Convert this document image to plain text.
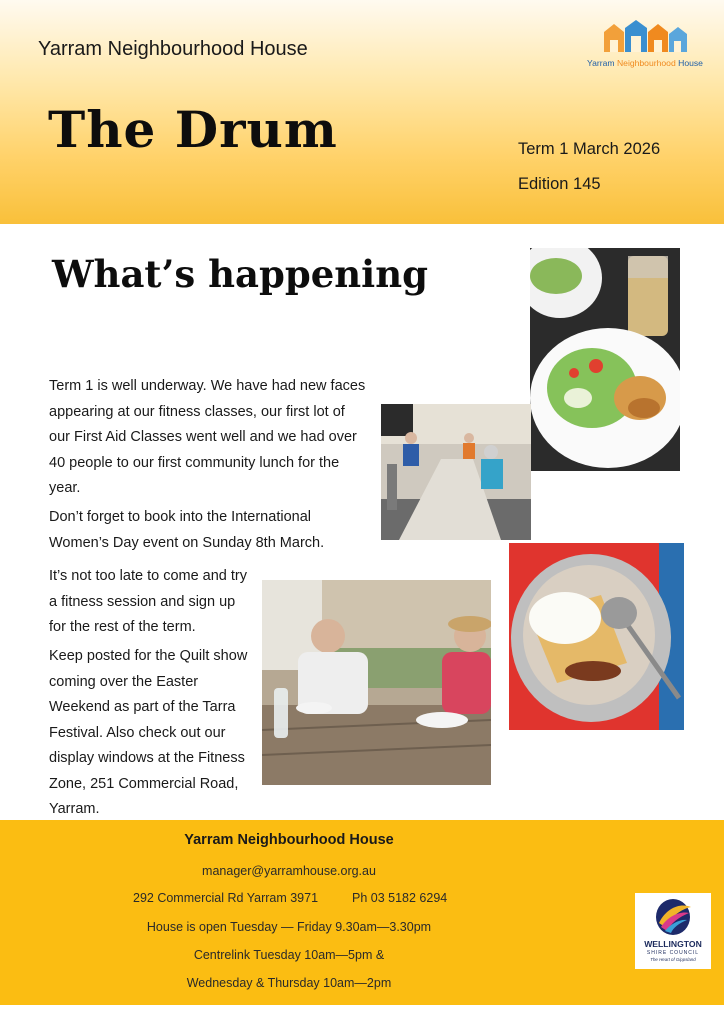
Yarram Neighbourhood House
Yarram Neighbourhood House
The Drum	Term 1 March 2026
Edition 145
What’s happening

Term 1 is well underway. We have had new faces appearing at our fitness classes, our first lot of our First Aid Classes went well and we had over 40 people to our first community lunch for the year.

Don’t forget to book into the International Women’s Day event on Sunday 8th March.

It’s not too late to come and try a fitness session and sign up for the rest of the term.

Keep posted for the Quilt show coming over the Easter Weekend as part of the Tarra Festival. Also check out our display windows at the Fitness Zone, 251 Commercial Road, Yarram.

Yarram Neighbourhood House
manager@yarramhouse.org.au
292 Commercial Rd Yarram 3971	Ph 03 5182 6294
House is open Tuesday — Friday 9.30am—3.30pm
Centrelink Tuesday 10am—5pm &
Wednesday & Thursday 10am—2pm
WELLINGTON
SHIRE COUNCIL
The Heart of Gippsland
